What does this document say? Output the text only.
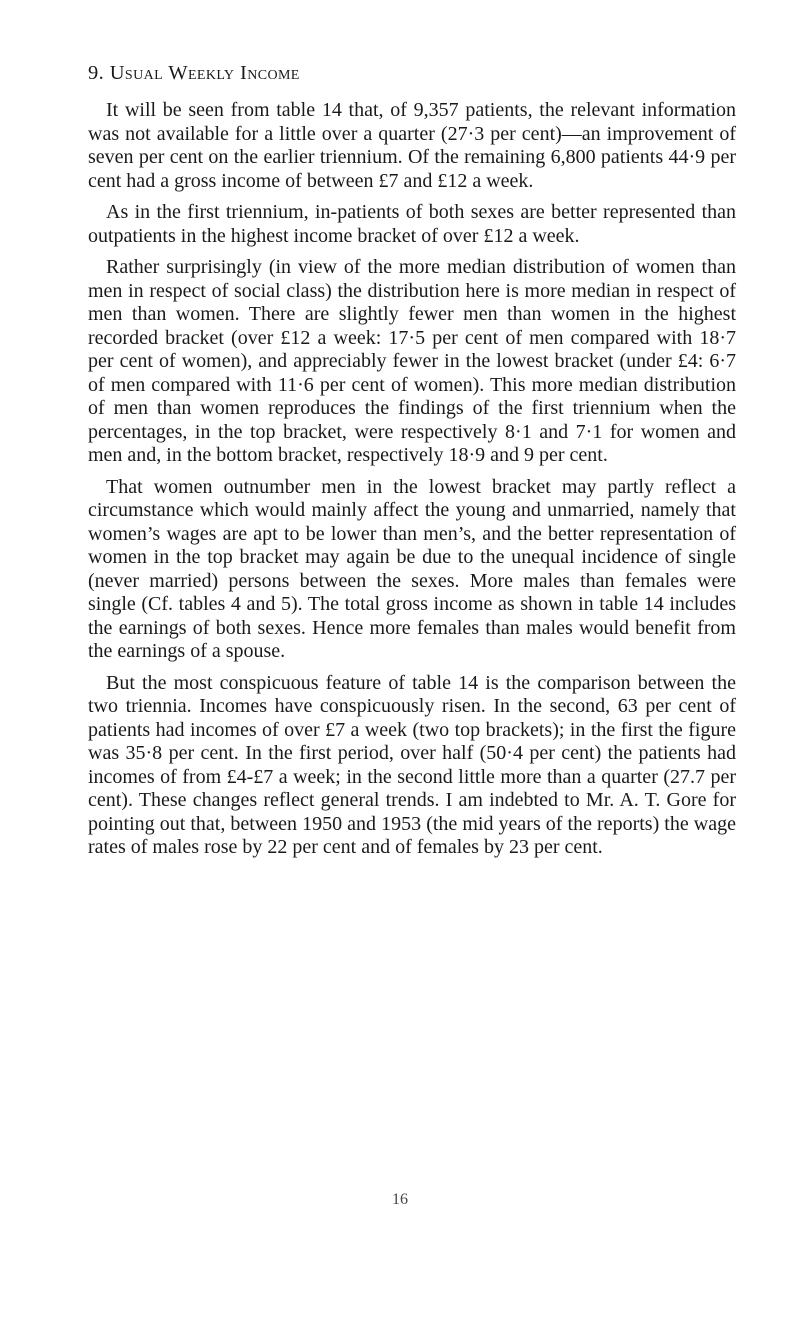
9. Usual Weekly Income

It will be seen from table 14 that, of 9,357 patients, the relevant information was not available for a little over a quarter (27·3 per cent)—an improvement of seven per cent on the earlier triennium. Of the remaining 6,800 patients 44·9 per cent had a gross income of between £7 and £12 a week.

As in the first triennium, in-patients of both sexes are better represented than outpatients in the highest income bracket of over £12 a week.

Rather surprisingly (in view of the more median distribution of women than men in respect of social class) the distribution here is more median in respect of men than women. There are slightly fewer men than women in the highest recorded bracket (over £12 a week: 17·5 per cent of men compared with 18·7 per cent of women), and appreciably fewer in the lowest bracket (under £4: 6·7 of men compared with 11·6 per cent of women). This more median distribution of men than women reproduces the findings of the first triennium when the percentages, in the top bracket, were respectively 8·1 and 7·1 for women and men and, in the bottom bracket, respectively 18·9 and 9 per cent.

That women outnumber men in the lowest bracket may partly reflect a circumstance which would mainly affect the young and unmarried, namely that women’s wages are apt to be lower than men’s, and the better representation of women in the top bracket may again be due to the unequal incidence of single (never married) persons between the sexes. More males than females were single (Cf. tables 4 and 5). The total gross income as shown in table 14 includes the earnings of both sexes. Hence more females than males would benefit from the earnings of a spouse.

But the most conspicuous feature of table 14 is the comparison between the two triennia. Incomes have conspicuously risen. In the second, 63 per cent of patients had incomes of over £7 a week (two top brackets); in the first the figure was 35·8 per cent. In the first period, over half (50·4 per cent) the patients had incomes of from £4-£7 a week; in the second little more than a quarter (27.7 per cent). These changes reflect general trends. I am indebted to Mr. A. T. Gore for pointing out that, between 1950 and 1953 (the mid years of the reports) the wage rates of males rose by 22 per cent and of females by 23 per cent.

16
